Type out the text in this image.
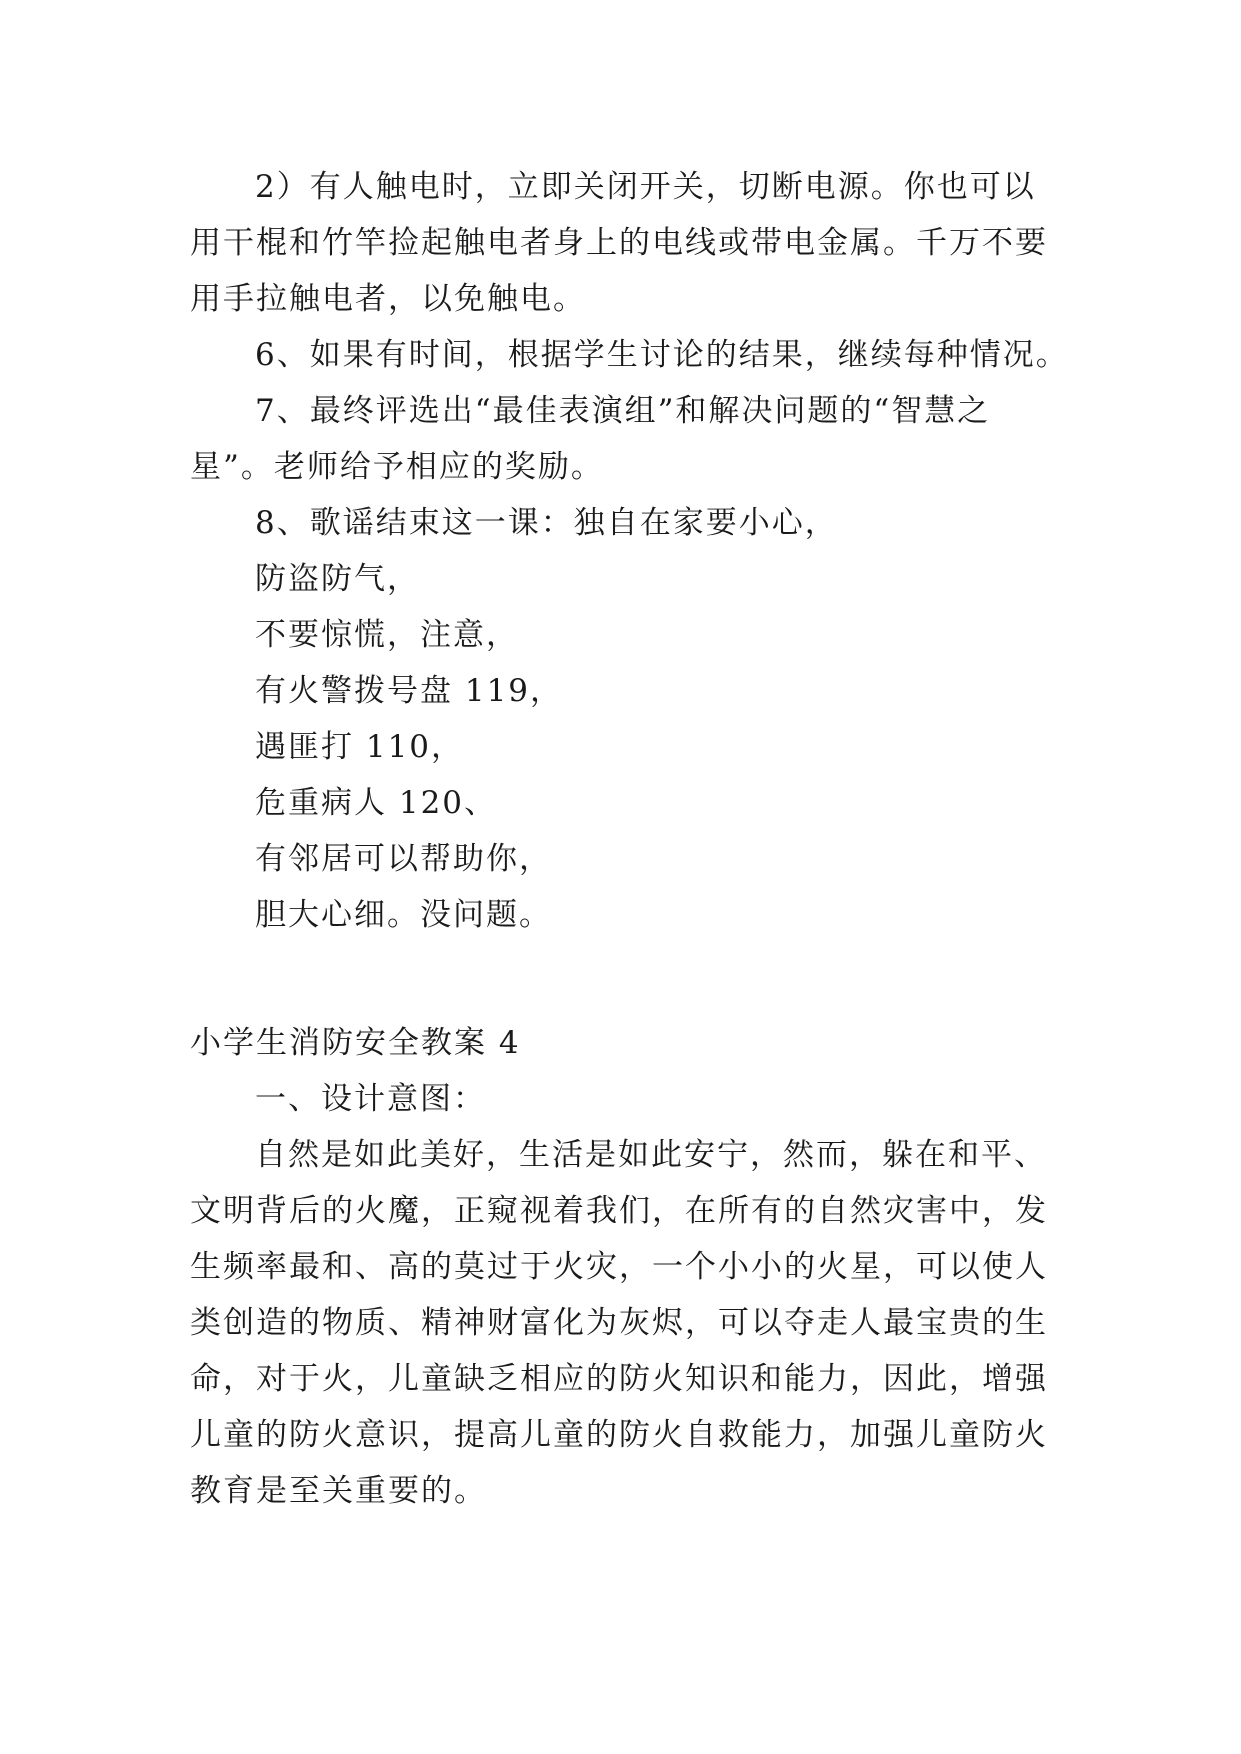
2）有人触电时，立即关闭开关，切断电源。你也可以
用干棍和竹竿捡起触电者身上的电线或带电金属。千万不要
用手拉触电者，以免触电。
6、如果有时间，根据学生讨论的结果，继续每种情况。
7、最终评选出“最佳表演组”和解决问题的“智慧之
星”。老师给予相应的奖励。
8、歌谣结束这一课：独自在家要小心，
防盗防气，
不要惊慌，注意，
有火警拨号盘 119，
遇匪打 110，
危重病人 120、
有邻居可以帮助你，
胆大心细。没问题。
小学生消防安全教案 4
一、设计意图：
自然是如此美好，生活是如此安宁，然而，躲在和平、
文明背后的火魔，正窥视着我们，在所有的自然灾害中，发
生频率最和、高的莫过于火灾，一个小小的火星，可以使人
类创造的物质、精神财富化为灰烬，可以夺走人最宝贵的生
命，对于火，儿童缺乏相应的防火知识和能力，因此，增强
儿童的防火意识，提高儿童的防火自救能力，加强儿童防火
教育是至关重要的。
